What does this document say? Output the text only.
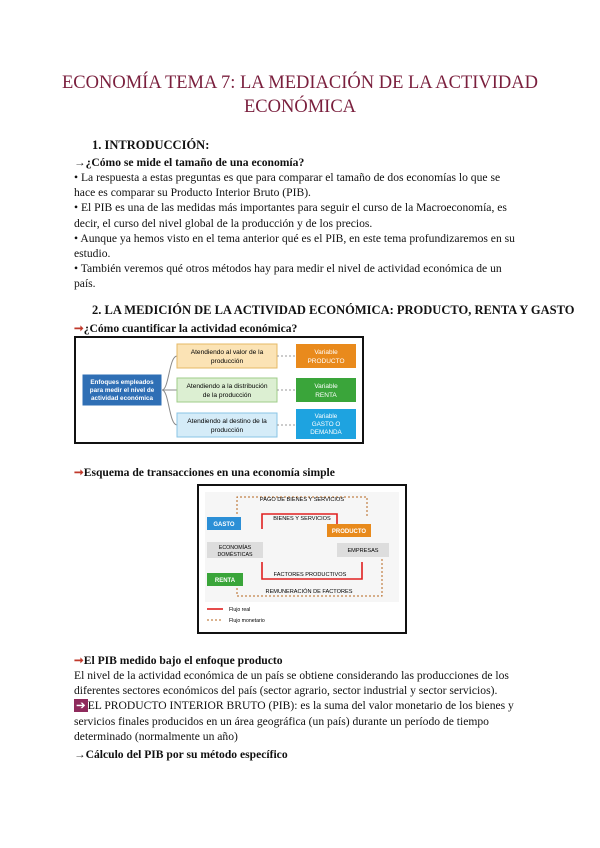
ECONOMÍA TEMA 7: LA MEDIACIÓN DE LA ACTIVIDAD
ECONÓMICA
1. INTRODUCCIÓN:
→¿Cómo se mide el tamaño de una economía?
• La respuesta a estas preguntas es que para comparar el tamaño de dos economías lo que se
hace es comparar su Producto Interior Bruto (PIB).
• El PIB es una de las medidas más importantes para seguir el curso de la Macroeconomía, es
decir, el curso del nivel global de la producción y de los precios.
• Aunque ya hemos visto en el tema anterior qué es el PIB, en este tema profundizaremos en su
estudio.
• También veremos qué otros métodos hay para medir el nivel de actividad económica de un
país.
2. LA MEDICIÓN DE LA ACTIVIDAD ECONÓMICA: PRODUCTO, RENTA Y GASTO
➞¿Cómo cuantificar la actividad económica?
Enfoques empleados
para medir el nivel de
actividad económica
Atendiendo al valor de la
producción
Atendiendo a la distribución
de la producción
Atendiendo al destino de la
producción
Variable
PRODUCTO
Variable
RENTA
Variable
GASTO O
DEMANDA
➞Esquema de transacciones en una economía simple
PAGO DE BIENES Y SERVICIOS
BIENES Y SERVICIOS
GASTO
PRODUCTO
ECONOMÍAS
DOMÉSTICAS
EMPRESAS
FACTORES PRODUCTIVOS
RENTA
REMUNERACIÓN DE FACTORES
Flujo real
Flujo monetario
➞El PIB medido bajo el enfoque producto
El nivel de la actividad económica de un país se obtiene considerando las producciones de los
diferentes sectores económicos del país (sector agrario, sector industrial y sector servicios).
➔ EL PRODUCTO INTERIOR BRUTO (PIB): es la suma del valor monetario de los bienes y
servicios finales producidos en un área geográfica (un país) durante un período de tiempo
determinado (normalmente un año)
→Cálculo del PIB por su método específico
